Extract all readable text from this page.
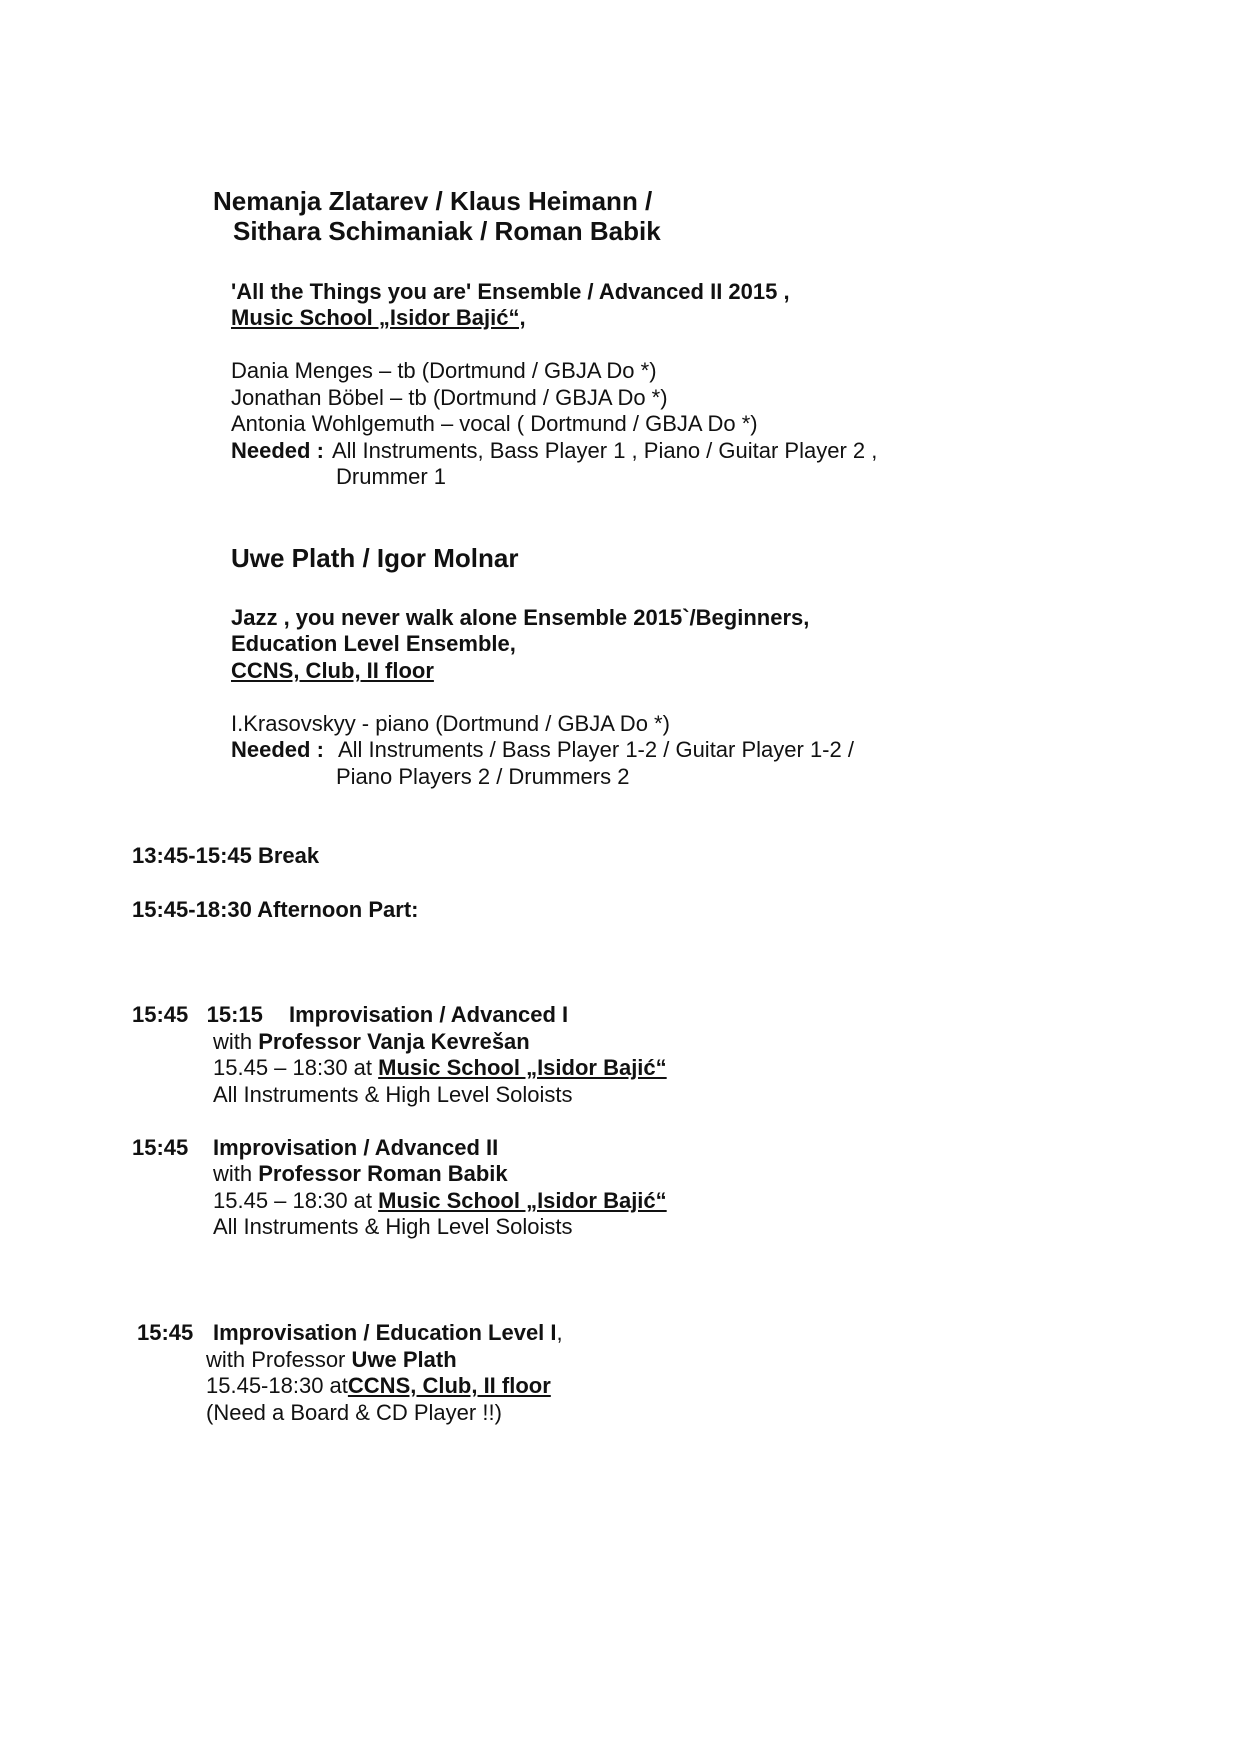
Nemanja Zlatarev / Klaus Heimann /
Sithara Schimaniak / Roman Babik
'All the Things you are' Ensemble / Advanced II 2015 ,
Music School „Isidor Bajić“,
Dania Menges – tb (Dortmund / GBJA Do *)
Jonathan Böbel – tb (Dortmund / GBJA Do *)
Antonia Wohlgemuth – vocal ( Dortmund / GBJA Do *)
Needed : All Instruments, Bass Player 1 , Piano / Guitar Player 2 ,
Drummer 1
Uwe Plath / Igor Molnar
Jazz , you never walk alone Ensemble 2015`/Beginners,
Education Level Ensemble,
CCNS, Club, II floor
I.Krasovskyy - piano (Dortmund / GBJA Do *)
Needed : All Instruments / Bass Player 1-2 / Guitar Player 1-2 /
Piano Players 2 / Drummers 2
13:45-15:45 Break
15:45-18:30 Afternoon Part:
15:45   15:15 Improvisation / Advanced I
with Professor Vanja Kevrešan
15.45 – 18:30 at Music School „Isidor Bajić“
All Instruments & High Level Soloists
15:45 Improvisation / Advanced II
with Professor Roman Babik
15.45 – 18:30 at Music School „Isidor Bajić“
All Instruments & High Level Soloists
15:45 Improvisation / Education Level I,
with Professor Uwe Plath
15.45-18:30 atCCNS, Club, II floor
(Need a Board & CD Player !!)
